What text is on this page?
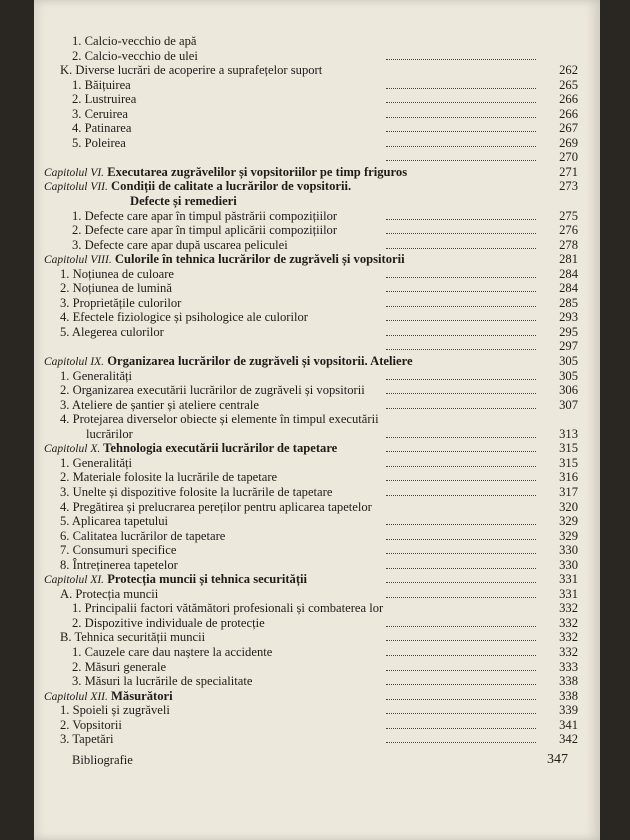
1. Calcio-vecchio de apă
2. Calcio-vecchio de ulei
K. Diverse lucrări de acoperire a suprafețelor suport	262
1. Băițuirea	265
2. Lustruirea	266
3. Ceruirea	266
4. Patinarea	267
5. Poleirea	269
270
Capitolul VI. Executarea zugrăvelilor și vopsitoriilor pe timp friguros	271
Capitolul VII. Condiții de calitate a lucrărilor de vopsitorii.	273
Defecte și remedieri
1. Defecte care apar în timpul păstrării compozițiilor	275
2. Defecte care apar în timpul aplicării compozițiilor	276
3. Defecte care apar după uscarea peliculei	278
Capitolul VIII. Culorile în tehnica lucrărilor de zugrăveli și vopsitorii	281
1. Noțiunea de culoare	284
2. Noțiunea de lumină	284
3. Proprietățile culorilor	285
4. Efectele fiziologice și psihologice ale culorilor	293
5. Alegerea culorilor	295
297
Capitolul IX. Organizarea lucrărilor de zugrăveli și vopsitorii. Ateliere	305
1. Generalități	305
2. Organizarea executării lucrărilor de zugrăveli și vopsitorii	306
3. Ateliere de șantier și ateliere centrale	307
4. Protejarea diverselor obiecte și elemente în timpul executării
lucrărilor	313
Capitolul X. Tehnologia executării lucrărilor de tapetare	315
1. Generalități	315
2. Materiale folosite la lucrările de tapetare	316
3. Unelte și dispozitive folosite la lucrările de tapetare	317
4. Pregătirea și prelucrarea pereților pentru aplicarea tapetelor	320
5. Aplicarea tapetului	329
6. Calitatea lucrărilor de tapetare	329
7. Consumuri specifice	330
8. Întreținerea tapetelor	330
Capitolul XI. Protecția muncii și tehnica securității	331
A. Protecția muncii	331
1. Principalii factori vătămători profesionali și combaterea lor	332
2. Dispozitive individuale de protecție	332
B. Tehnica securității muncii	332
1. Cauzele care dau naștere la accidente	332
2. Măsuri generale	333
3. Măsuri la lucrările de specialitate	338
Capitolul XII. Măsurători	338
1. Spoieli și zugrăveli	339
2. Vopsitorii	341
3. Tapetări	342
Bibliografie	347
